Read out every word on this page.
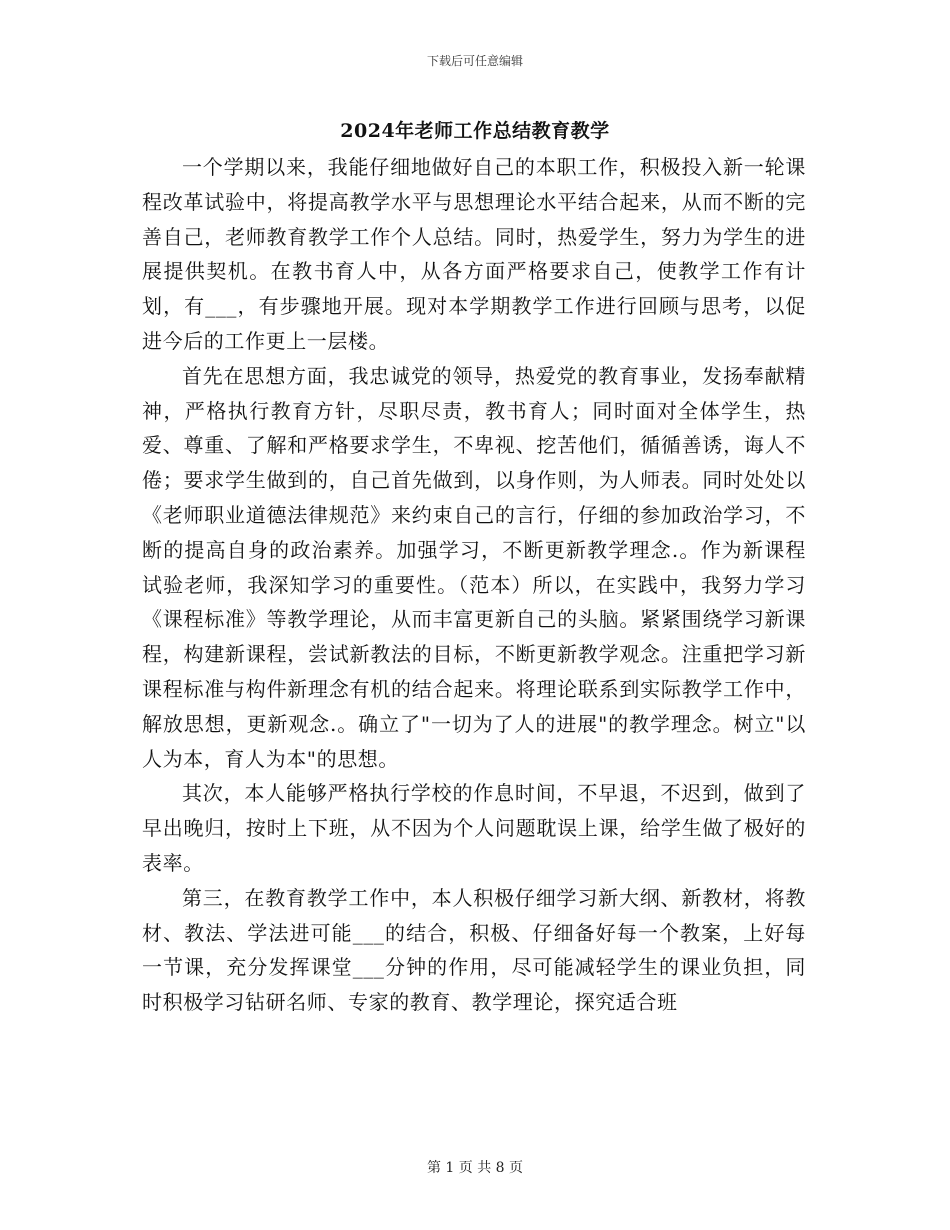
下载后可任意编辑
2024年老师工作总结教育教学

一个学期以来，我能仔细地做好自己的本职工作，积极投入新一轮课程改革试验中，将提高教学水平与思想理论水平结合起来，从而不断的完善自己，老师教育教学工作个人总结。同时，热爱学生，努力为学生的进展提供契机。在教书育人中，从各方面严格要求自己，使教学工作有计划，有___，有步骤地开展。现对本学期教学工作进行回顾与思考，以促进今后的工作更上一层楼。

首先在思想方面，我忠诚党的领导，热爱党的教育事业，发扬奉献精神，严格执行教育方针，尽职尽责，教书育人；同时面对全体学生，热爱、尊重、了解和严格要求学生，不卑视、挖苦他们，循循善诱，诲人不倦；要求学生做到的，自己首先做到，以身作则，为人师表。同时处处以《老师职业道德法律规范》来约束自己的言行，仔细的参加政治学习，不断的提高自身的政治素养。加强学习，不断更新教学理念.。作为新课程试验老师，我深知学习的重要性。（范本）所以，在实践中，我努力学习《课程标准》等教学理论，从而丰富更新自己的头脑。紧紧围绕学习新课程，构建新课程，尝试新教法的目标，不断更新教学观念。注重把学习新课程标准与构件新理念有机的结合起来。将理论联系到实际教学工作中，解放思想，更新观念.。确立了"一切为了人的进展"的教学理念。树立"以人为本，育人为本"的思想。

其次，本人能够严格执行学校的作息时间，不早退，不迟到，做到了早出晚归，按时上下班，从不因为个人问题耽误上课，给学生做了极好的表率。

第三，在教育教学工作中，本人积极仔细学习新大纲、新教材，将教材、教法、学法进可能___的结合，积极、仔细备好每一个教案，上好每一节课，充分发挥课堂___分钟的作用，尽可能减轻学生的课业负担，同时积极学习钻研名师、专家的教育、教学理论，探究适合班

第 1 页 共 8 页
